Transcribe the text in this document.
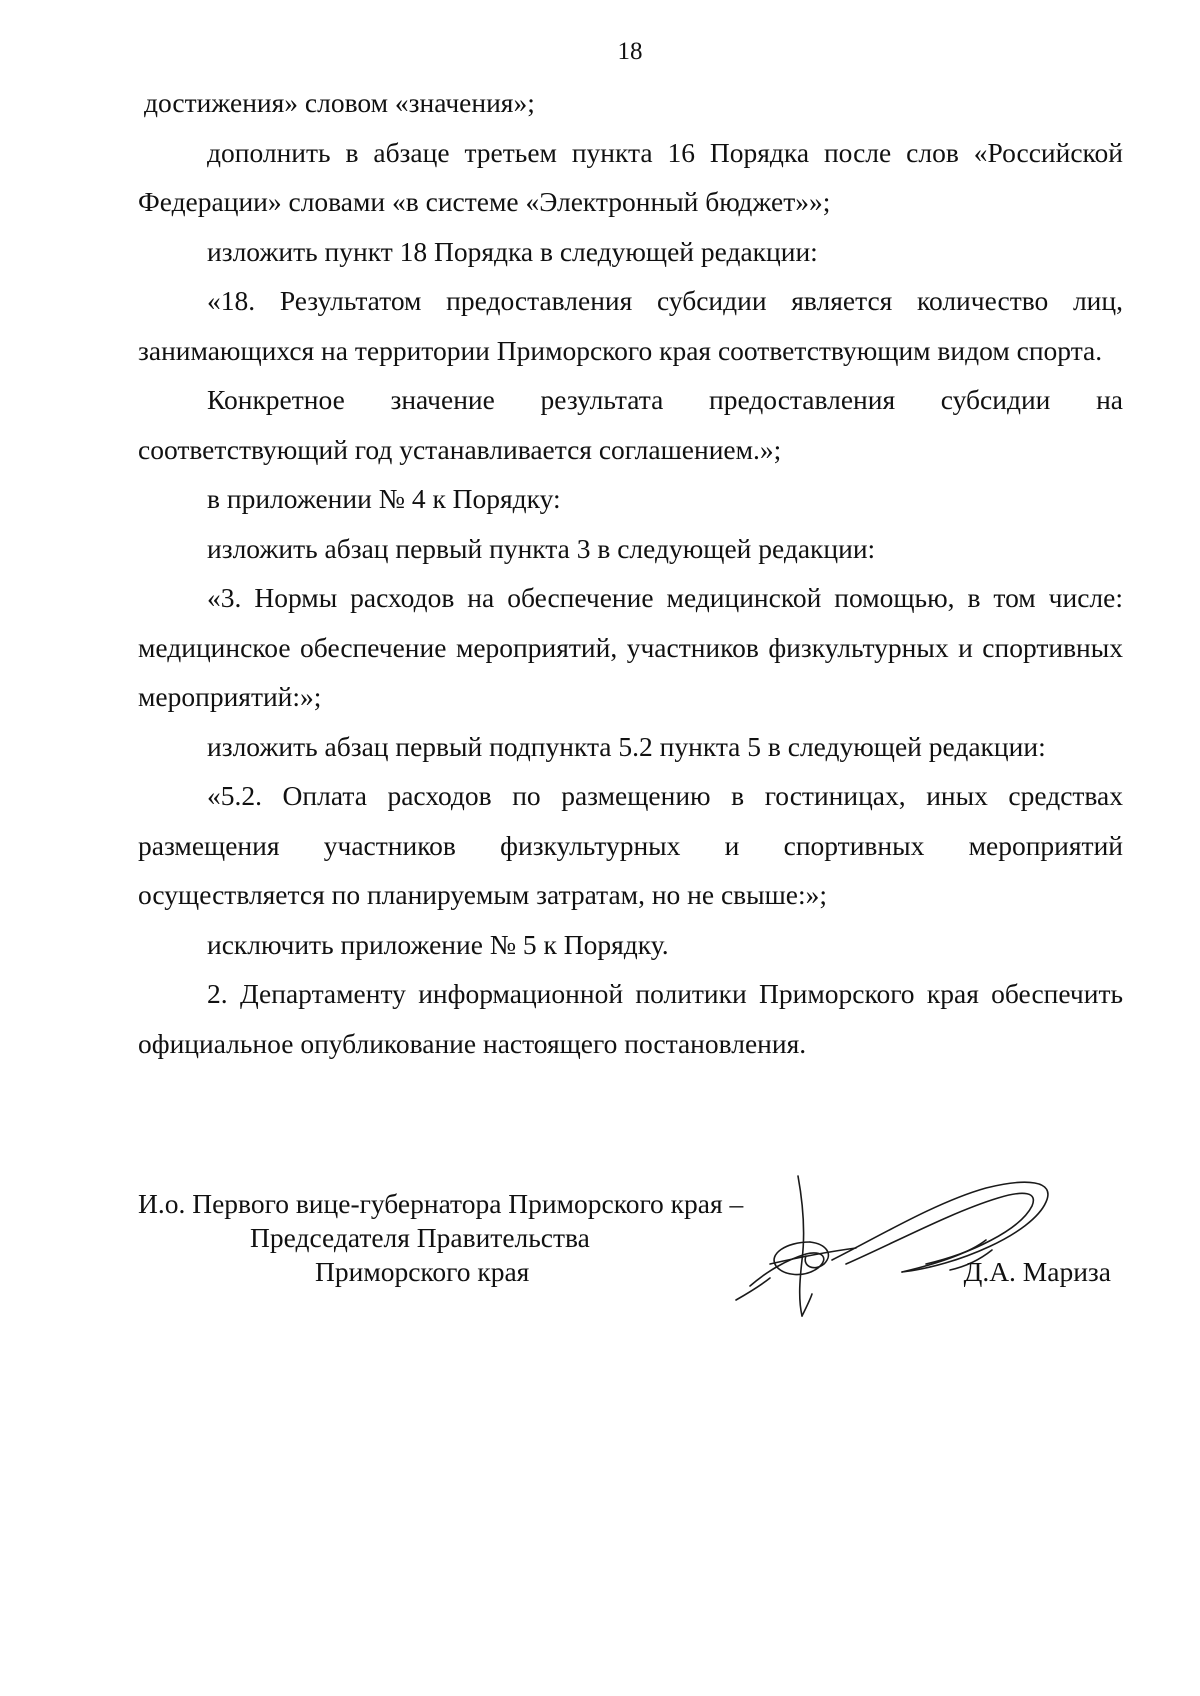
18

достижения» словом «значения»;

дополнить в абзаце третьем пункта 16 Порядка после слов «Российской Федерации» словами «в системе «Электронный бюджет»»;

изложить пункт 18 Порядка в следующей редакции:

«18. Результатом предоставления субсидии является количество лиц, занимающихся на территории Приморского края соответствующим видом спорта.

Конкретное значение результата предоставления субсидии на соответствующий год устанавливается соглашением.»;

в приложении № 4 к Порядку:

изложить абзац первый пункта 3 в следующей редакции:

«3. Нормы расходов на обеспечение медицинской помощью, в том числе: медицинское обеспечение мероприятий, участников физкультурных и спортивных мероприятий:»;

изложить абзац первый подпункта 5.2 пункта 5 в следующей редакции:

«5.2. Оплата расходов по размещению в гостиницах, иных средствах размещения участников физкультурных и спортивных мероприятий осуществляется по планируемым затратам, но не свыше:»;

исключить приложение № 5 к Порядку.

2. Департаменту информационной политики Приморского края обеспечить официальное опубликование настоящего постановления.

И.о. Первого вице-губернатора Приморского края –
Председателя Правительства
Приморского края	Д.А. Мариза
